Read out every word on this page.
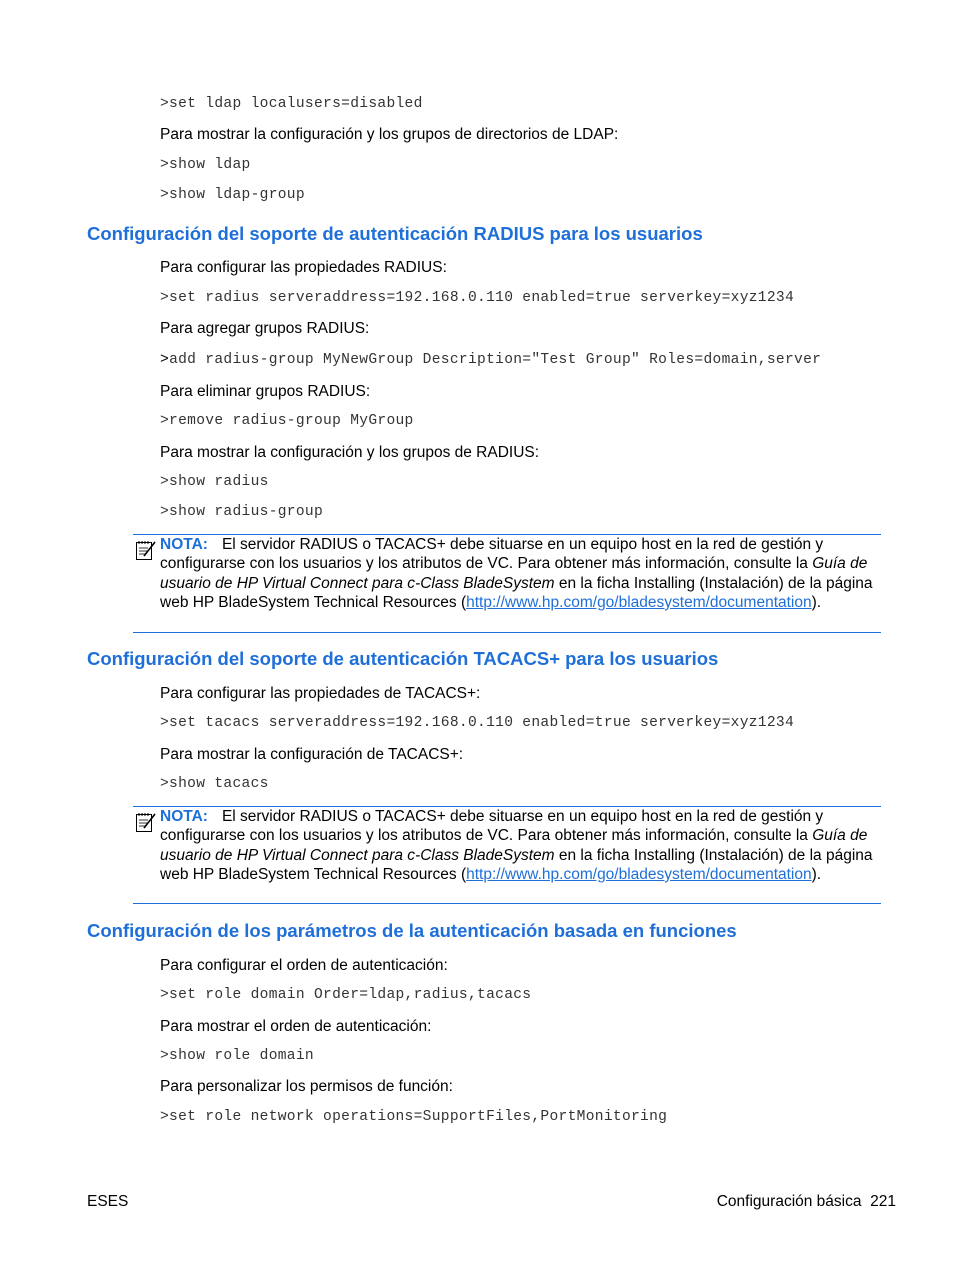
>set ldap localusers=disabled
Para mostrar la configuración y los grupos de directorios de LDAP:
>show ldap
>show ldap-group
Configuración del soporte de autenticación RADIUS para los usuarios
Para configurar las propiedades RADIUS:
>set radius serveraddress=192.168.0.110 enabled=true serverkey=xyz1234
Para agregar grupos RADIUS:
>add radius-group MyNewGroup Description="Test Group" Roles=domain,server
Para eliminar grupos RADIUS:
>remove radius-group MyGroup
Para mostrar la configuración y los grupos de RADIUS:
>show radius
>show radius-group
NOTA: El servidor RADIUS o TACACS+ debe situarse en un equipo host en la red de gestión y configurarse con los usuarios y los atributos de VC. Para obtener más información, consulte la Guía de usuario de HP Virtual Connect para c-Class BladeSystem en la ficha Installing (Instalación) de la página web HP BladeSystem Technical Resources (http://www.hp.com/go/bladesystem/documentation).
Configuración del soporte de autenticación TACACS+ para los usuarios
Para configurar las propiedades de TACACS+:
>set tacacs serveraddress=192.168.0.110 enabled=true serverkey=xyz1234
Para mostrar la configuración de TACACS+:
>show tacacs
NOTA: El servidor RADIUS o TACACS+ debe situarse en un equipo host en la red de gestión y configurarse con los usuarios y los atributos de VC. Para obtener más información, consulte la Guía de usuario de HP Virtual Connect para c-Class BladeSystem en la ficha Installing (Instalación) de la página web HP BladeSystem Technical Resources (http://www.hp.com/go/bladesystem/documentation).
Configuración de los parámetros de la autenticación basada en funciones
Para configurar el orden de autenticación:
>set role domain Order=ldap,radius,tacacs
Para mostrar el orden de autenticación:
>show role domain
Para personalizar los permisos de función:
>set role network operations=SupportFiles,PortMonitoring
ESES	Configuración básica 221
